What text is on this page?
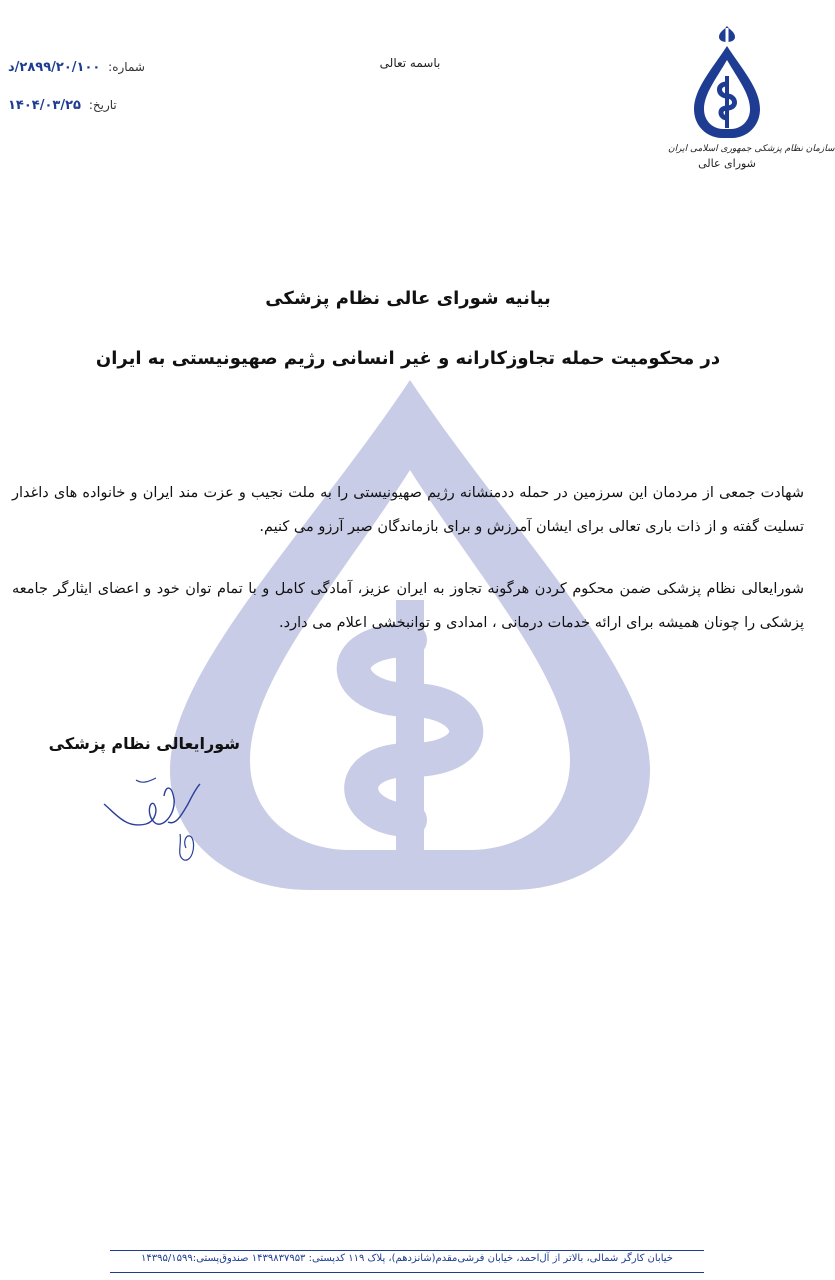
سازمان نظام پزشکی جمهوری اسلامی ایران
شورای عالی
باسمه تعالی
شماره: ۲۸۹۹/۲۰/۱۰۰/د
تاریخ: ۱۴۰۴/۰۳/۲۵
بیانیه شورای عالی نظام پزشکی
در محکومیت حمله تجاوزکارانه و غیر انسانی رژیم صهیونیستی به ایران

شهادت جمعی از مردمان این سرزمین در حمله ددمنشانه رژیم صهیونیستی را به ملت نجیب و عزت مند ایران و خانواده های داغدار تسلیت گفته و از ذات باری تعالی برای ایشان آمرزش و برای بازماندگان صبر آرزو می کنیم.

شورایعالی نظام پزشکی ضمن محکوم کردن هرگونه تجاوز به ایران عزیز، آمادگی کامل و با تمام توان خود و اعضای ایثارگر جامعه پزشکی را چونان همیشه برای ارائه خدمات درمانی ، امدادی و توانبخشی اعلام می دارد.

شورایعالی نظام پزشکی
خیابان کارگر شمالی، بالاتر از آل‌احمد، خیابان فرشی‌مقدم(شانزدهم)، پلاک ۱۱۹ کدپستی: ۱۴۳۹۸۳۷۹۵۳ صندوق‌پستی:۱۴۳۹۵/۱۵۹۹
